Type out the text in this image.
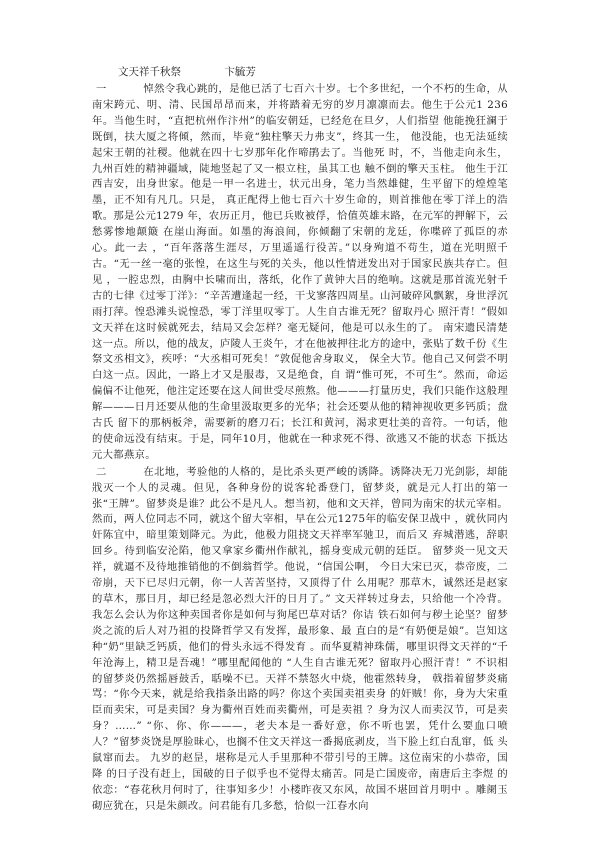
文天祥千秋祭	卞毓芳
一	悼然令我心跳的，是他已活了七百六十岁。七个多世纪，一个不朽的生命，从 南宋跨元、明、清、民国昂昂而来，并将踏着无穷的岁月凛凛而去。他生于公元1 236年。当他生时，“直把杭州作汴州”的临安朝廷，已经危在旦夕，人们指望 他能挽狂澜于既倒，扶大厦之将倾，然而，毕竟“独柱擎天力弗支”，终其一生， 他没能，也无法延续起宋王朝的社稷。他就在四十七岁那年化作啼鹃去了。当他死 时，不，当他走向永生，九州百姓的精神疆域，陡地竖起了又一根立柱，虽其工也 触不倒的擎天玉柱。 他生于江西吉安，出身世家。他是一甲一名进士，状元出身，笔力当然雄健，生平留下的煌煌笔墨，正不知有凡几。只是， 真正配得上他七百六十岁生命的，则首推他在零丁洋上的浩歌。那是公元1279 年，农历正月，他已兵败被俘，恰值英雄末路，在元军的押解下，云愁雾惨地颠簸 在崖山海面。如墨的海浪间，你倾翻了宋朝的龙廷，你喋碎了孤臣的赤心。此一去 ，“百年落落生涯尽，万里遥遥行役苦。”以身殉道不苟生，道在光明照千古。“无一丝一毫的张惶，在这生与死的关头，他以性情迸发出对于国家民族共存亡。但见 ，一腔忠烈，由胸中长啸而出，落纸，化作了黄钟大吕的绝响。这就是那首流光射千 古的七律《过零丁洋》：“辛苦遭逢起一经，干戈寥落四周星。山河破碎风飘絮，身世浮沉雨打萍。惶恐滩头说惶恐，零丁洋里叹零丁。人生自古谁无死？留取丹心 照汗青！”假如文天祥在这时候就死去，结局又会怎样？毫无疑问，他是可以永生的了。 南宋遗民清楚这一点。所以，他的战友，庐陵人王炎午，才在他被押往北方的途中，张贴了数千份《生祭文丞相文》，疾呼：“大丞相可死矣！”敦促他舍身取义， 保全大节。他自己又何尝不明白这一点。因此，一路上才又是服毒，又是绝食，自 谓“惟可死，不可生”。然而，命运偏偏不让他死，他注定还要在这人间世受尽煎熬。他———打量历史，我们只能作这般理解———日月还要从他的生命里汲取更多的光华；社会还要从他的精神视收更多钙质；盘古氏 留下的那柄板斧，需要新的磨刀石；长江和黄河，渴求更壮美的音符。一句话，他 的使命远没有结束。于是，同年10月，他就在一种求死不得、欲逃又不能的状态 下抵达元大都燕京。
二	在北地，考验他的人格的，是比杀头更严峻的诱降。诱降决无刀光剑影，却能 戕灭一个人的灵魂。但见，各种身份的说客轮番登门，留梦炎，就是元人打出的第一张“王牌”。留梦炎是谁？此公不是凡人。想当初，他和文天祥，曾同为南宋的状元宰相。 然而，两人位同志不同，就这个留大宰相，早在公元1275年的临安保卫战中 ，就伙同内奸陈宜中，暗里策划降元。为此，他极力阻挠文天祥率军驰卫，而后又 弃城潜逃，辞职回乡。待到临安沦陷，他又拿家乡衢州作献礼，摇身变成元朝的廷臣。 留梦炎一见文天祥，就逼不及待地推销他的不倒翁哲学。他说，“信国公啊， 今日大宋已灭，恭帝废，二帝崩，天下已尽归元朝，你一人苦苦坚持，又顶得了什 么用呢？那草木，诚然还是赵家的草木，那日月，却已经是忽必烈大汗的日月了。” 文天祥转过身去，只给他一个冷背。我怎么会认为你这种卖国者你是如何与狗尾巴草对话？你诘 铁石如何与秽土论坚？留梦炎之流的后人对乃祖的投降哲学又有发挥，最形象、最 直白的是“有奶便是娘”。岂知这种“奶”里缺乏钙质，他们的骨头永远不得发育 。而华夏精神珠儒，哪里识得文天祥的“千年沧海上，精卫是吾魂！”哪里配闻他的 “人生自古谁无死？留取丹心照汗青！” 不识相的留梦炎仍然摇唇鼓舌，聒噪不已。天祥不禁怒火中烧，他霍然转身， 戟指着留梦炎痛骂：“你今天来，就是给我指条出路的吗？你这个卖国卖祖卖身 的奸贼！你，身为大宋重臣而卖宋，可是卖国？身为衢州百姓而卖衢州，可是卖祖 ？身为汉人而卖汉节，可是卖身？……” “你、你、你———，老夫本是一番好意，你不听也罢，凭什么要血口喷人？”留梦炎饶是厚脸昧心，也搁不住文天祥这一番揭底剥皮，当下脸上红白乱窜，低 头鼠窜而去。 九岁的赵昰，堪称是元人手里那种不带引号的王牌。这位南宋的小恭帝，国降 的日子没有赶上，国破的日子似乎也不觉得太痛苦。同是亡国废帝，南唐后主李煜 的依恋：“春花秋月何时了，往事知多少！小楼昨夜又东风，故国不堪回首月明中 。雕阑玉砌应犹在，只是朱颜改。问君能有几多愁，恰似一江春水向
